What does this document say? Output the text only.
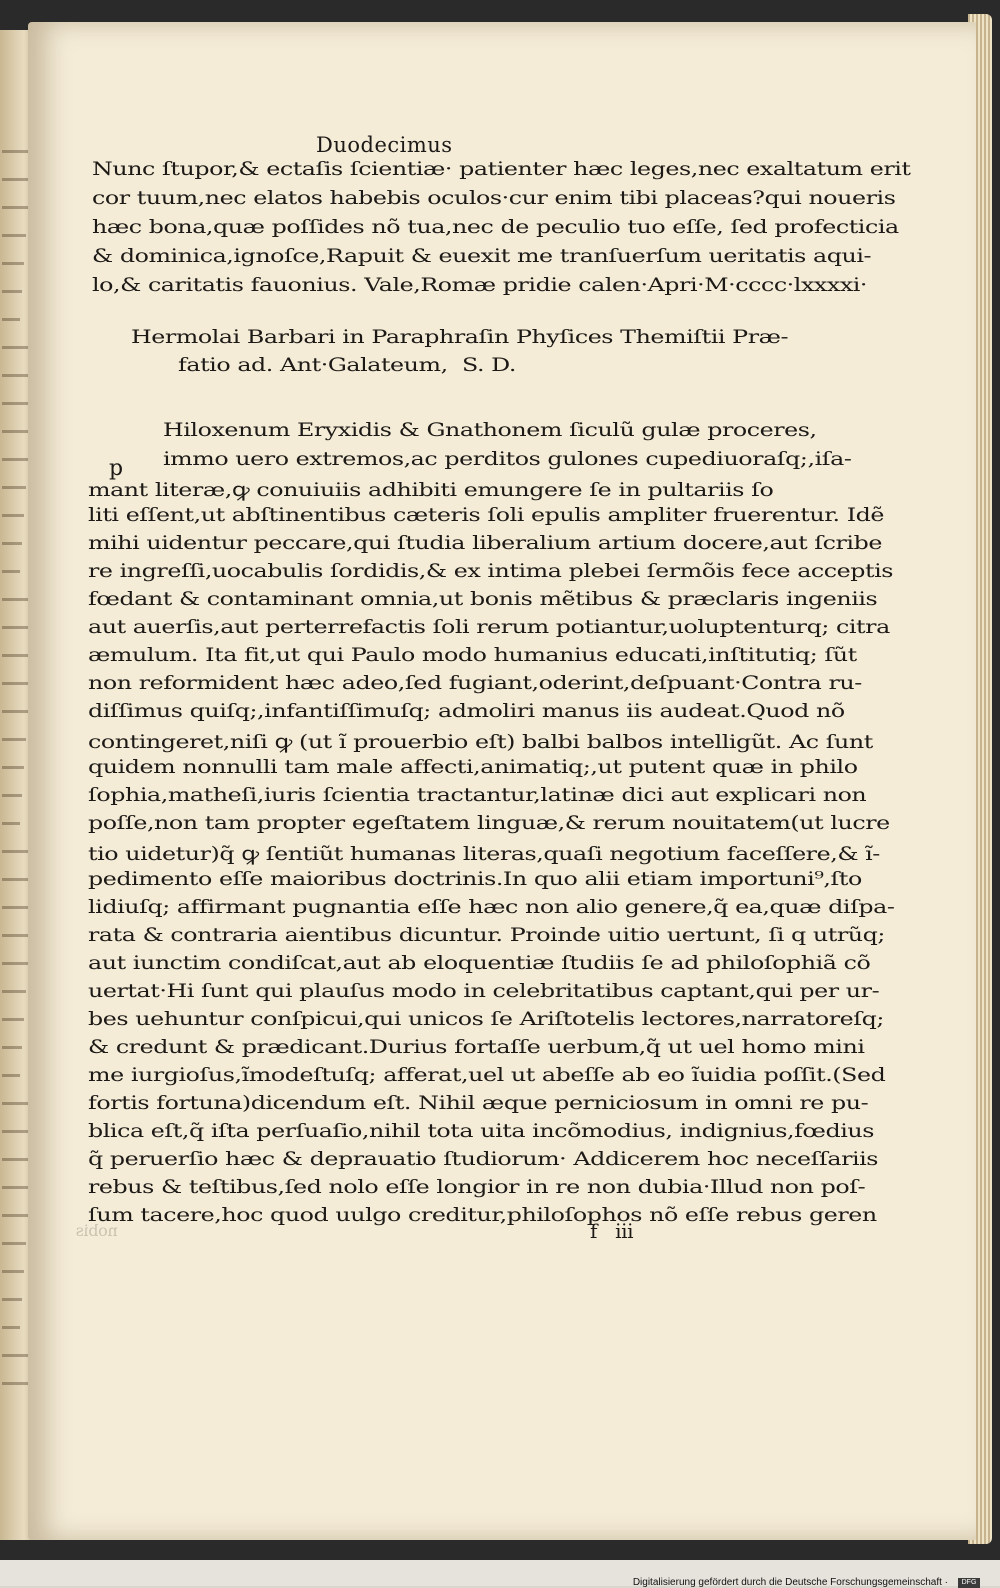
Duodecimus
p
Nunc ſtupor,& ectaſis ſcientiæ· patienter hæc leges,nec exaltatum erit
cor tuum,nec elatos habebis oculos·cur enim tibi placeas?qui noueris
hæc bona,quæ poſſides nõ tua,nec de peculio tuo eſſe, ſed profecticia
& dominica,ignoſce,Rapuit & euexit me tranſuerſum ueritatis aqui-
lo,& caritatis fauonius. Vale,Romæ pridie calen·Apri·M·cccc·lxxxxi·
Hermolai Barbari in Paraphraſin Phyſices Themiſtii Præ-
fatio ad. Ant·Galateum,  S. D.
Hiloxenum Eryxidis & Gnathonem ſiculũ gulæ proceres,
immo uero extremos,ac perditos gulones cupediuoraſq;,iſa-
mant literæ,ꝙ conuiuiis adhibiti emungere ſe in pultariis ſo
liti eſſent,ut abſtinentibus cæteris ſoli epulis ampliter fruerentur. Idẽ
mihi uidentur peccare,qui ſtudia liberalium artium docere,aut ſcribe
re ingreſſi,uocabulis ſordidis,& ex intima plebei ſermõis fece acceptis
fœdant & contaminant omnia,ut bonis mẽtibus & præclaris ingeniis
aut auerſis,aut perterrefactis ſoli rerum potiantur,uoluptenturq; citra
æmulum. Ita fit,ut qui Paulo modo humanius educati,inſtitutiq; ſũt
non reformident hæc adeo,ſed fugiant,oderint,deſpuant·Contra ru-
diſſimus quiſq;,infantiſſimuſq; admoliri manus iis audeat.Quod nõ
contingeret,niſi ꝙ (ut ĩ prouerbio eſt) balbi balbos intelligũt. Ac ſunt
quidem nonnulli tam male affecti,animatiq;,ut putent quæ in philo
ſophia,matheſi,iuris ſcientia tractantur,latinæ dici aut explicari non
poſſe,non tam propter egeſtatem linguæ,& rerum nouitatem(ut lucre
tio uidetur)q̃ ꝙ ſentiũt humanas literas,quaſi negotium faceſſere,& ĩ-
pedimento eſſe maioribus doctrinis.In quo alii etiam importuni⁹,ſto
lidiuſq; affirmant pugnantia eſſe hæc non alio genere,q̃ ea,quæ diſpa-
rata & contraria aientibus dicuntur. Proinde uitio uertunt, ſi q utrũq;
aut iunctim condiſcat,aut ab eloquentiæ ſtudiis ſe ad philoſophiã cõ
uertat·Hi ſunt qui plauſus modo in celebritatibus captant,qui per ur-
bes uehuntur conſpicui,qui unicos ſe Ariſtotelis lectores,narratoreſq;
& credunt & prædicant.Durius fortaſſe uerbum,q̃ ut uel homo mini
me iurgioſus,ĩmodeſtuſq; afferat,uel ut abeſſe ab eo ĩuidia poſſit.(Sed
fortis fortuna)dicendum eſt. Nihil æque perniciosum in omni re pu-
blica eſt,q̃ iſta perſuaſio,nihil tota uita incõmodius, indignius,fœdius
q̃ peruerſio hæc & deprauatio ſtudiorum· Addicerem hoc neceſſariis
rebus & teſtibus,ſed nolo eſſe longior in re non dubia·Illud non poſ-
ſum tacere,hoc quod uulgo creditur,philoſophos nõ eſſe rebus geren
nobis	f   iii
Digitalisierung gefördert durch die Deutsche Forschungsgemeinschaft ·	DFG
